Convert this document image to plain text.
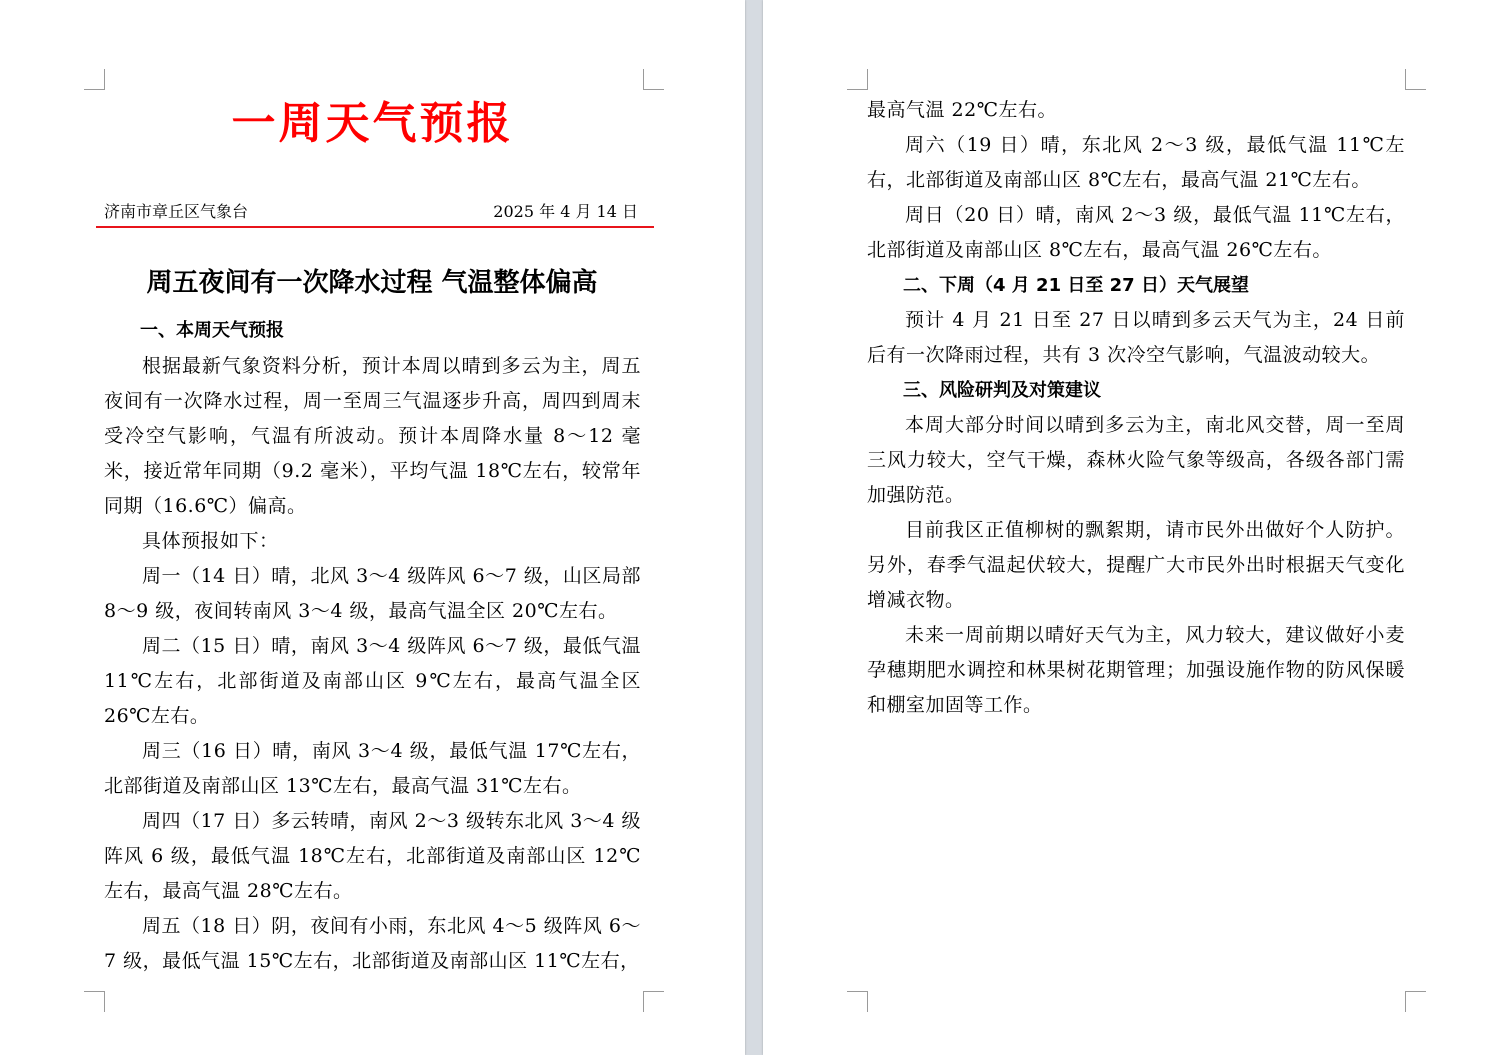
一周天气预报
济南市章丘区气象台	2025 年 4 月 14 日
周五夜间有一次降水过程 气温整体偏高

一、本周天气预报

根据最新气象资料分析，预计本周以晴到多云为主，周五夜间有一次降水过程，周一至周三气温逐步升高，周四到周末受冷空气影响，气温有所波动。预计本周降水量 8～12 毫米，接近常年同期（9.2 毫米），平均气温 18℃左右，较常年同期（16.6℃）偏高。

具体预报如下：

周一（14 日）晴，北风 3～4 级阵风 6～7 级，山区局部 8～9 级，夜间转南风 3～4 级，最高气温全区 20℃左右。

周二（15 日）晴，南风 3～4 级阵风 6～7 级，最低气温 11℃左右，北部街道及南部山区 9℃左右，最高气温全区 26℃左右。

周三（16 日）晴，南风 3～4 级，最低气温 17℃左右，北部街道及南部山区 13℃左右，最高气温 31℃左右。

周四（17 日）多云转晴，南风 2～3 级转东北风 3～4 级阵风 6 级，最低气温 18℃左右，北部街道及南部山区 12℃左右，最高气温 28℃左右。

周五（18 日）阴，夜间有小雨，东北风 4～5 级阵风 6～7 级，最低气温 15℃左右，北部街道及南部山区 11℃左右，

最高气温 22℃左右。

周六（19 日）晴，东北风 2～3 级，最低气温 11℃左右，北部街道及南部山区 8℃左右，最高气温 21℃左右。

周日（20 日）晴，南风 2～3 级，最低气温 11℃左右，北部街道及南部山区 8℃左右，最高气温 26℃左右。

二、下周（4 月 21 日至 27 日）天气展望

预计 4 月 21 日至 27 日以晴到多云天气为主，24 日前后有一次降雨过程，共有 3 次冷空气影响，气温波动较大。

三、风险研判及对策建议

本周大部分时间以晴到多云为主，南北风交替，周一至周三风力较大，空气干燥，森林火险气象等级高，各级各部门需加强防范。

目前我区正值柳树的飘絮期，请市民外出做好个人防护。另外，春季气温起伏较大，提醒广大市民外出时根据天气变化增减衣物。

未来一周前期以晴好天气为主，风力较大，建议做好小麦孕穗期肥水调控和林果树花期管理；加强设施作物的防风保暖和棚室加固等工作。
